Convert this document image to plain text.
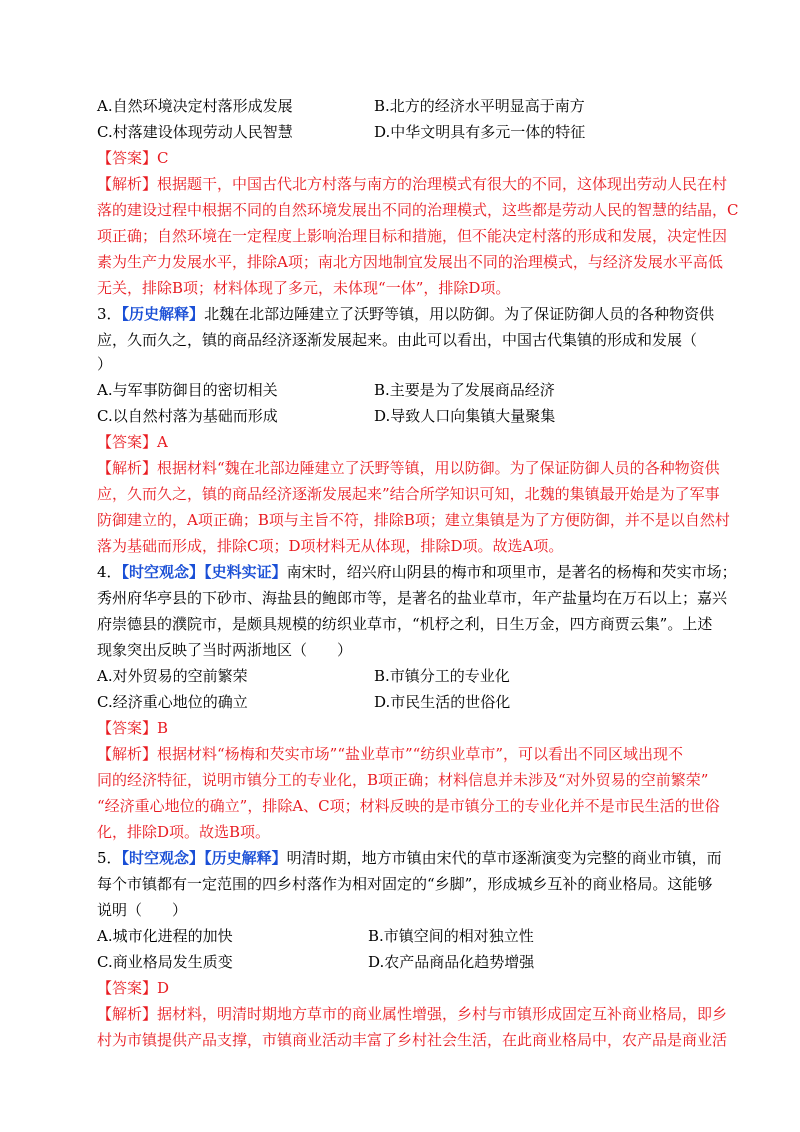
A.自然环境决定村落形成发展	B.北方的经济水平明显高于南方
C.村落建设体现劳动人民智慧	D.中华文明具有多元一体的特征
【答案】C
【解析】根据题干，中国古代北方村落与南方的治理模式有很大的不同，这体现出劳动人民在村
落的建设过程中根据不同的自然环境发展出不同的治理模式，这些都是劳动人民的智慧的结晶，C
项正确；自然环境在一定程度上影响治理目标和措施，但不能决定村落的形成和发展，决定性因
素为生产力发展水平，排除A项；南北方因地制宜发展出不同的治理模式，与经济发展水平高低
无关，排除B项；材料体现了多元，未体现“一体”，排除D项。
3．【历史解释】北魏在北部边陲建立了沃野等镇，用以防御。为了保证防御人员的各种物资供
应，久而久之，镇的商品经济逐渐发展起来。由此可以看出，中国古代集镇的形成和发展（
）
A.与军事防御目的密切相关	B.主要是为了发展商品经济
C.以自然村落为基础而形成	D.导致人口向集镇大量聚集
【答案】A
【解析】根据材料“魏在北部边陲建立了沃野等镇，用以防御。为了保证防御人员的各种物资供
应，久而久之，镇的商品经济逐渐发展起来”结合所学知识可知，北魏的集镇最开始是为了军事
防御建立的，A项正确；B项与主旨不符，排除B项；建立集镇是为了方便防御，并不是以自然村
落为基础而形成，排除C项；D项材料无从体现，排除D项。故选A项。
4．【时空观念】【史料实证】南宋时，绍兴府山阴县的梅市和项里市，是著名的杨梅和芡实市场；
秀州府华亭县的下砂市、海盐县的鲍郎市等，是著名的盐业草市，年产盐量均在万石以上；嘉兴
府崇德县的濮院市，是颇具规模的纺织业草市，“机杼之利，日生万金，四方商贾云集”。上述
现象突出反映了当时两浙地区（　　）
A.对外贸易的空前繁荣	B.市镇分工的专业化
C.经济重心地位的确立	D.市民生活的世俗化
【答案】B
【解析】根据材料“杨梅和芡实市场”“盐业草市”“纺织业草市”，可以看出不同区域出现不
同的经济特征，说明市镇分工的专业化，B项正确；材料信息并未涉及“对外贸易的空前繁荣”
“经济重心地位的确立”，排除A、C项；材料反映的是市镇分工的专业化并不是市民生活的世俗
化，排除D项。故选B项。
5．【时空观念】【历史解释】明清时期，地方市镇由宋代的草市逐渐演变为完整的商业市镇，而
每个市镇都有一定范围的四乡村落作为相对固定的“乡脚”，形成城乡互补的商业格局。这能够
说明（　　）
A.城市化进程的加快	B.市镇空间的相对独立性
C.商业格局发生质变	D.农产品商品化趋势增强
【答案】D
【解析】据材料，明清时期地方草市的商业属性增强，乡村与市镇形成固定互补商业格局，即乡
村为市镇提供产品支撑，市镇商业活动丰富了乡村社会生活，在此商业格局中，农产品是商业活
